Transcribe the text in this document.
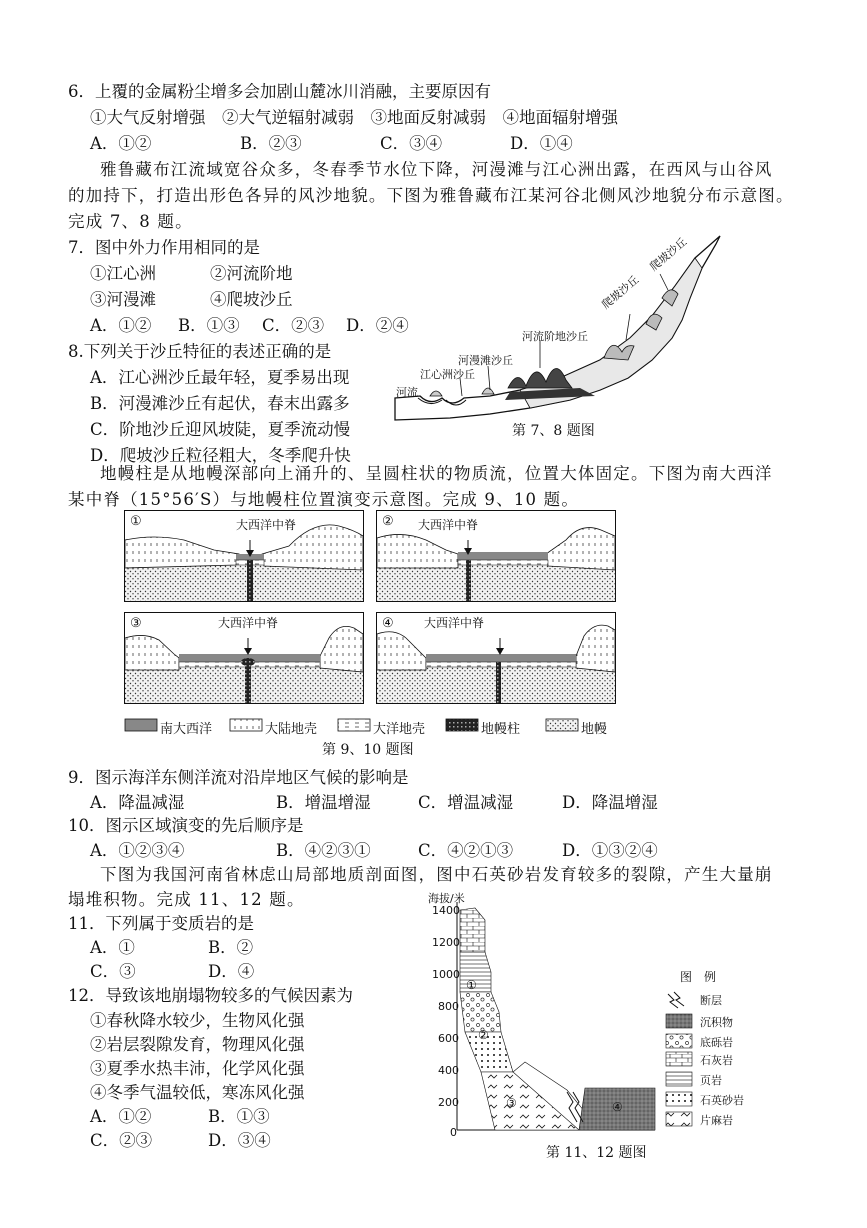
6．上覆的金属粉尘增多会加剧山麓冰川消融，主要原因有
①大气反射增强　②大气逆辐射减弱　③地面反射减弱　④地面辐射增强
A．①②	B．②③	C．③④	D．①④
雅鲁藏布江流域宽谷众多，冬春季节水位下降，河漫滩与江心洲出露，在西风与山谷风
的加持下，打造出形色各异的风沙地貌。下图为雅鲁藏布江某河谷北侧风沙地貌分布示意图。
完成 7、8 题。
7．图中外力作用相同的是
①江心洲	②河流阶地
③河漫滩	④爬坡沙丘
A．①② B．①③ C．②③ D．②④
8.下列关于沙丘特征的表述正确的是
A．江心洲沙丘最年轻，夏季易出现
B．河漫滩沙丘有起伏，春末出露多
C．阶地沙丘迎风坡陡，夏季流动慢
D．爬坡沙丘粒径粗大，冬季爬升快
河流
江心洲沙丘
河漫滩沙丘
河流阶地沙丘
爬坡沙丘
爬坡沙丘
第 7、8 题图
地幔柱是从地幔深部向上涌升的、呈圆柱状的物质流，位置大体固定。下图为南大西洋
某中脊（15°56′S）与地幔柱位置演变示意图。完成 9、10 题。
①	大西洋中脊	② 大西洋中脊
③	大西洋中脊	④	大西洋中脊
南大西洋	大陆地壳	大洋地壳	地幔柱	地幔
第 9、10 题图
9．图示海洋东侧洋流对沿岸地区气候的影响是
A．降温减湿	B．增温增湿	C．增温减湿	D．降温增湿
10．图示区域演变的先后顺序是
A．①②③④	B．④②③①	C．④②①③	D．①③②④
下图为我国河南省林虑山局部地质剖面图，图中石英砂岩发育较多的裂隙，产生大量崩
塌堆积物。完成 11、12 题。
11．下列属于变质岩的是
A．①	B．②
C．③	D．④
12．导致该地崩塌物较多的气候因素为
①春秋降水较少，生物风化强
②岩层裂隙发育，物理风化强
③夏季水热丰沛，化学风化强
④冬季气温较低，寒冻风化强
A．①②	B．①③
C．②③	D．③④
海拔/米
1400
1200
1000
800
600
400
200
0
①
②
③	④
图　例
断层
沉积物
底砾岩
石灰岩
页岩
石英砂岩
片麻岩
第 11、12 题图
